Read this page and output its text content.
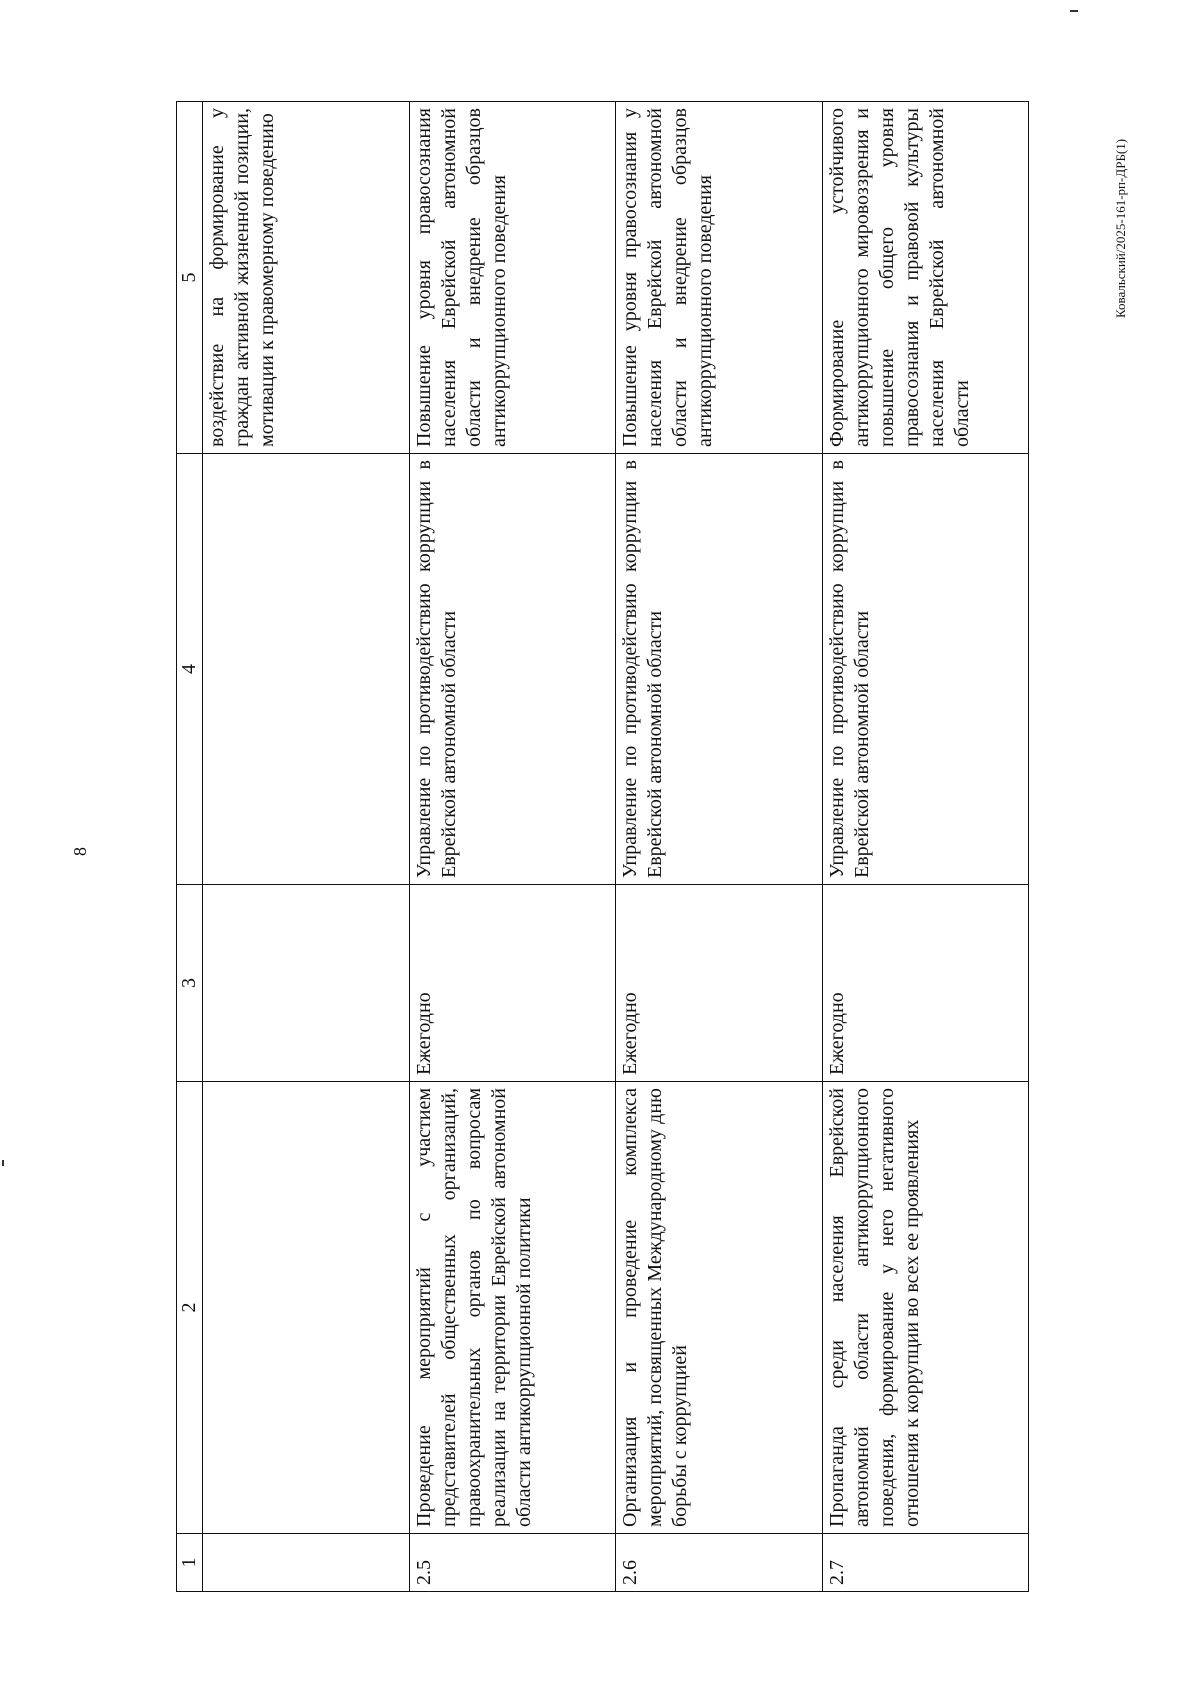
8
1	2	3	4	5
				воздействие на формирование у граждан активной жизненной позиции, мотивации к правомерному поведению
2.5	Проведение мероприятий с участием представителей общественных организаций, правоохранительных органов по вопросам реализации на территории Еврейской автономной области антикоррупционной политики	Ежегодно	Управление по противодействию коррупции в Еврейской автономной области	Повышение уровня правосознания населения Еврейской автономной области и внедрение образцов антикоррупционного поведения
2.6	Организация и проведение комплекса мероприятий, посвященных Международному дню борьбы с коррупцией	Ежегодно	Управление по противодействию коррупции в Еврейской автономной области	Повышение уровня правосознания у населения Еврейской автономной области и внедрение образцов антикоррупционного поведения
2.7	Пропаганда среди населения Еврейской автономной области антикоррупционного поведения, формирование у него негативного отношения к коррупции во всех ее проявлениях	Ежегодно	Управление по противодействию коррупции в Еврейской автономной области	Формирование устойчивого антикоррупционного мировоззрения и повышение общего уровня правосознания и правовой культуры населения Еврейской автономной области
Ковальский/2025-161-рп-ДРБ(1)
